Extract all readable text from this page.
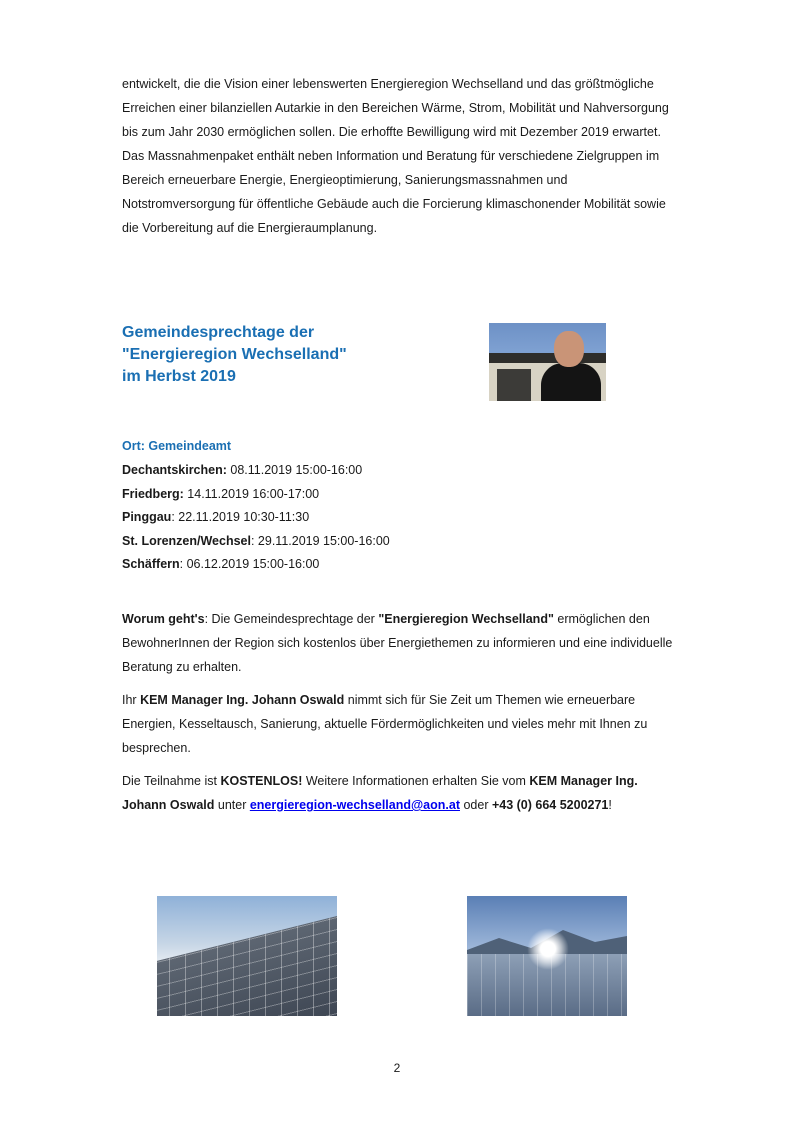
entwickelt, die die Vision einer lebenswerten Energieregion Wechselland und das größtmögliche Erreichen einer bilanziellen Autarkie in den Bereichen Wärme, Strom, Mobilität und Nahversorgung bis zum Jahr 2030 ermöglichen sollen. Die erhoffte Bewilligung wird mit Dezember 2019 erwartet. Das Massnahmenpaket enthält neben Information und Beratung für verschiedene Zielgruppen im Bereich erneuerbare Energie, Energieoptimierung, Sanierungsmassnahmen und Notstromversorgung für öffentliche Gebäude auch die Forcierung klimaschonender Mobilität sowie die Vorbereitung auf die Energieraumplanung.
Gemeindesprechtage der
"Energieregion Wechselland"
im Herbst 2019
Ort: Gemeindeamt
Dechantskirchen: 08.11.2019 15:00-16:00
Friedberg: 14.11.2019 16:00-17:00
Pinggau: 22.11.2019 10:30-11:30
St. Lorenzen/Wechsel: 29.11.2019 15:00-16:00
Schäffern: 06.12.2019 15:00-16:00
Worum geht's: Die Gemeindesprechtage der "Energieregion Wechselland" ermöglichen den BewohnerInnen der Region sich kostenlos über Energiethemen zu informieren und eine individuelle Beratung zu erhalten.
Ihr KEM Manager Ing. Johann Oswald nimmt sich für Sie Zeit um Themen wie erneuerbare Energien, Kesseltausch, Sanierung, aktuelle Fördermöglichkeiten und vieles mehr mit Ihnen zu besprechen.
Die Teilnahme ist KOSTENLOS! Weitere Informationen erhalten Sie vom KEM Manager Ing. Johann Oswald unter energieregion-wechselland@aon.at oder +43 (0) 664 5200271!
2
